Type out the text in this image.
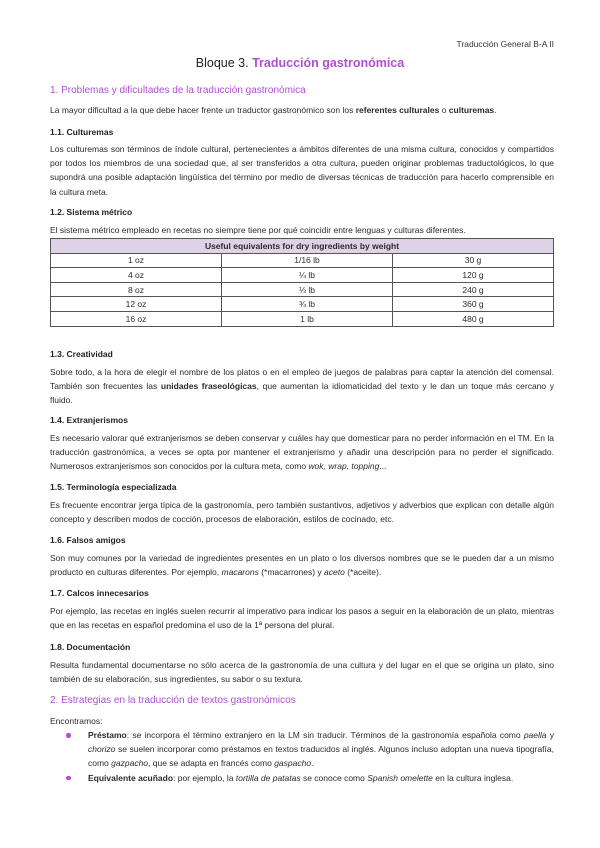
Traducción General B-A II
Bloque 3. Traducción gastronómica
1. Problemas y dificultades de la traducción gastronómica

La mayor dificultad a la que debe hacer frente un traductor gastronómico son los referentes culturales o culturemas.

1.1. Culturemas

Los culturemas son términos de índole cultural, pertenecientes a ámbitos diferentes de una misma cultura, conocidos y compartidos por todos los miembros de una sociedad que, al ser transferidos a otra cultura, pueden originar problemas traductológicos, lo que supondrá una posible adaptación lingüística del término por medio de diversas técnicas de traducción para hacerlo comprensible en la cultura meta.

1.2. Sistema métrico

El sistema métrico empleado en recetas no siempre tiene por qué coincidir entre lenguas y culturas diferentes.

Useful equivalents for dry ingredients by weight		
1 oz	1/16 lb	30 g
4 oz	¼ lb	120 g
8 oz	⅓ lb	240 g
12 oz	¾ lb	360 g
16 oz	1 lb	480 g
1.3. Creatividad

Sobre todo, a la hora de elegir el nombre de los platos o en el empleo de juegos de palabras para captar la atención del comensal. También son frecuentes las unidades fraseológicas, que aumentan la idiomaticidad del texto y le dan un toque más cercano y fluido.

1.4. Extranjerismos

Es necesario valorar qué extranjerismos se deben conservar y cuáles hay que domesticar para no perder información en el TM. En la traducción gastronómica, a veces se opta por mantener el extranjerismo y añadir una descripción para no perder el significado. Numerosos extranjerismos son conocidos por la cultura meta, como wok, wrap, topping...

1.5. Terminología especializada

Es frecuente encontrar jerga típica de la gastronomía, pero también sustantivos, adjetivos y adverbios que explican con detalle algún concepto y describen modos de cocción, procesos de elaboración, estilos de cocinado, etc.

1.6. Falsos amigos

Son muy comunes por la variedad de ingredientes presentes en un plato o los diversos nombres que se le pueden dar a un mismo producto en culturas diferentes. Por ejemplo, macarons (*macarrones) y aceto (*aceite).

1.7. Calcos innecesarios

Por ejemplo, las recetas en inglés suelen recurrir al imperativo para indicar los pasos a seguir en la elaboración de un plato, mientras que en las recetas en español predomina el uso de la 1ª persona del plural.

1.8. Documentación

Resulta fundamental documentarse no sólo acerca de la gastronomía de una cultura y del lugar en el que se origina un plato, sino también de su elaboración, sus ingredientes, su sabor o su textura.

2. Estrategias en la traducción de textos gastronómicos

Encontramos:

Préstamo: se incorpora el término extranjero en la LM sin traducir. Términos de la gastronomía española como paella y chorizo se suelen incorporar como préstamos en textos traducidos al inglés. Algunos incluso adoptan una nueva tipografía, como gazpacho, que se adapta en francés como gaspacho.
Equivalente acuñado: por ejemplo, la tortilla de patatas se conoce como Spanish omelette en la cultura inglesa.
